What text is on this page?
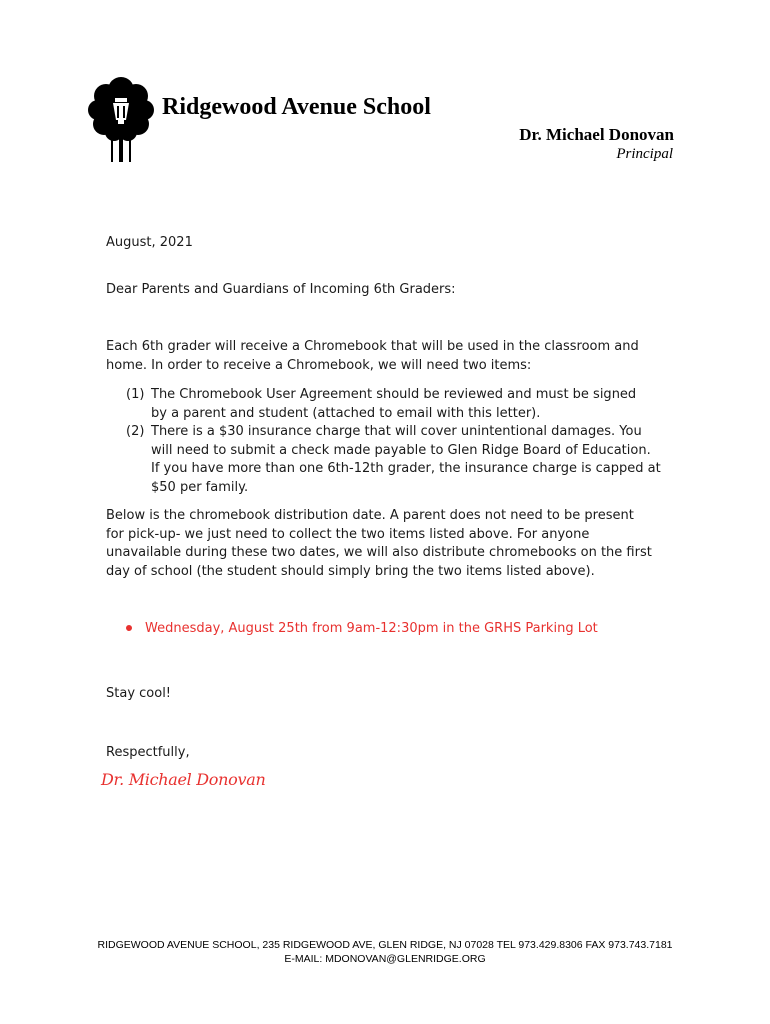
Ridgewood Avenue School
Dr. Michael Donovan
Principal
August, 2021
Dear Parents and Guardians of Incoming 6th Graders:
Each 6th grader will receive a Chromebook that will be used in the classroom and
home. In order to receive a Chromebook, we will need two items:
(1) The Chromebook User Agreement should be reviewed and must be signed
by a parent and student (attached to email with this letter).
(2) There is a $30 insurance charge that will cover unintentional damages. You
will need to submit a check made payable to Glen Ridge Board of Education.
If you have more than one 6th-12th grader, the insurance charge is capped at
$50 per family.
Below is the chromebook distribution date. A parent does not need to be present
for pick-up- we just need to collect the two items listed above. For anyone
unavailable during these two dates, we will also distribute chromebooks on the first
day of school (the student should simply bring the two items listed above).
Wednesday, August 25th from 9am-12:30pm in the GRHS Parking Lot
Stay cool!
Respectfully,
Dr. Michael Donovan
RIDGEWOOD AVENUE SCHOOL, 235 RIDGEWOOD AVE, GLEN RIDGE, NJ 07028 TEL 973.429.8306 FAX 973.743.7181
E-MAIL: MDONOVAN@GLENRIDGE.ORG
